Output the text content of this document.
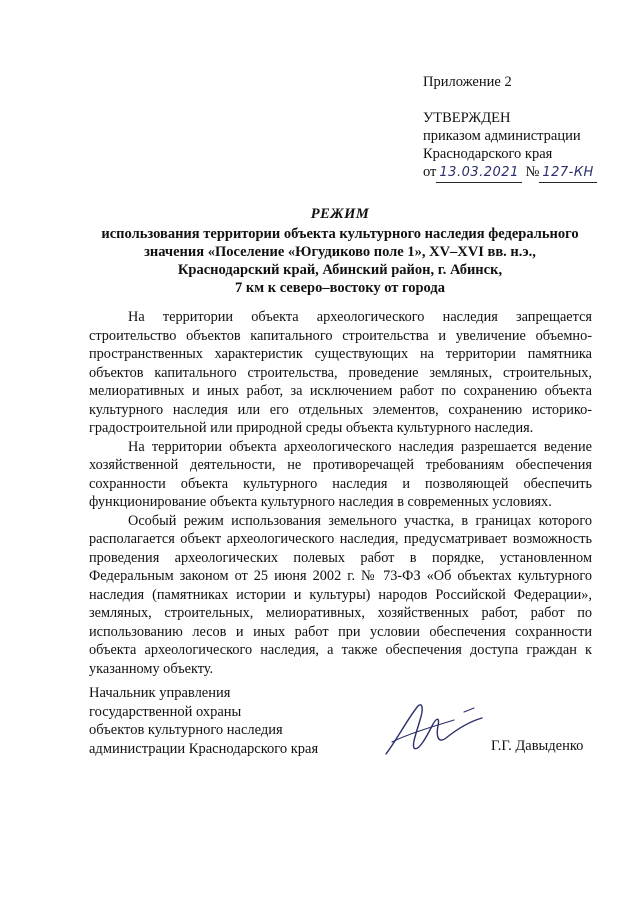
Приложение 2
УТВЕРЖДЕН
приказом администрации
Краснодарского края
от 13.03.2021 № 127-КН
РЕЖИМ
использования территории объекта культурного наследия федерального
значения «Поселение «Югудиково поле 1», XV–XVI вв. н.э.,
Краснодарский край, Абинский район, г. Абинск,
7 км к северо–востоку от города

На территории объекта археологического наследия запрещается строительство объектов капитального строительства и увеличение объемно-пространственных характеристик существующих на территории памятника объектов капитального строительства, проведение земляных, строительных, мелиоративных и иных работ, за исключением работ по сохранению объекта культурного наследия или его отдельных элементов, сохранению историко-градостроительной или природной среды объекта культурного наследия.

На территории объекта археологического наследия разрешается ведение хозяйственной деятельности, не противоречащей требованиям обеспечения сохранности объекта культурного наследия и позволяющей обеспечить функционирование объекта культурного наследия в современных условиях.

Особый режим использования земельного участка, в границах которого располагается объект археологического наследия, предусматривает возможность проведения археологических полевых работ в порядке, установленном Федеральным законом от 25 июня 2002 г. № 73-ФЗ «Об объектах культурного наследия (памятниках истории и культуры) народов Российской Федерации», земляных, строительных, мелиоративных, хозяйственных работ, работ по использованию лесов и иных работ при условии обеспечения сохранности объекта археологического наследия, а также обеспечения доступа граждан к указанному объекту.

Начальник управления
государственной охраны
объектов культурного наследия
администрации Краснодарского края	Г.Г. Давыденко
